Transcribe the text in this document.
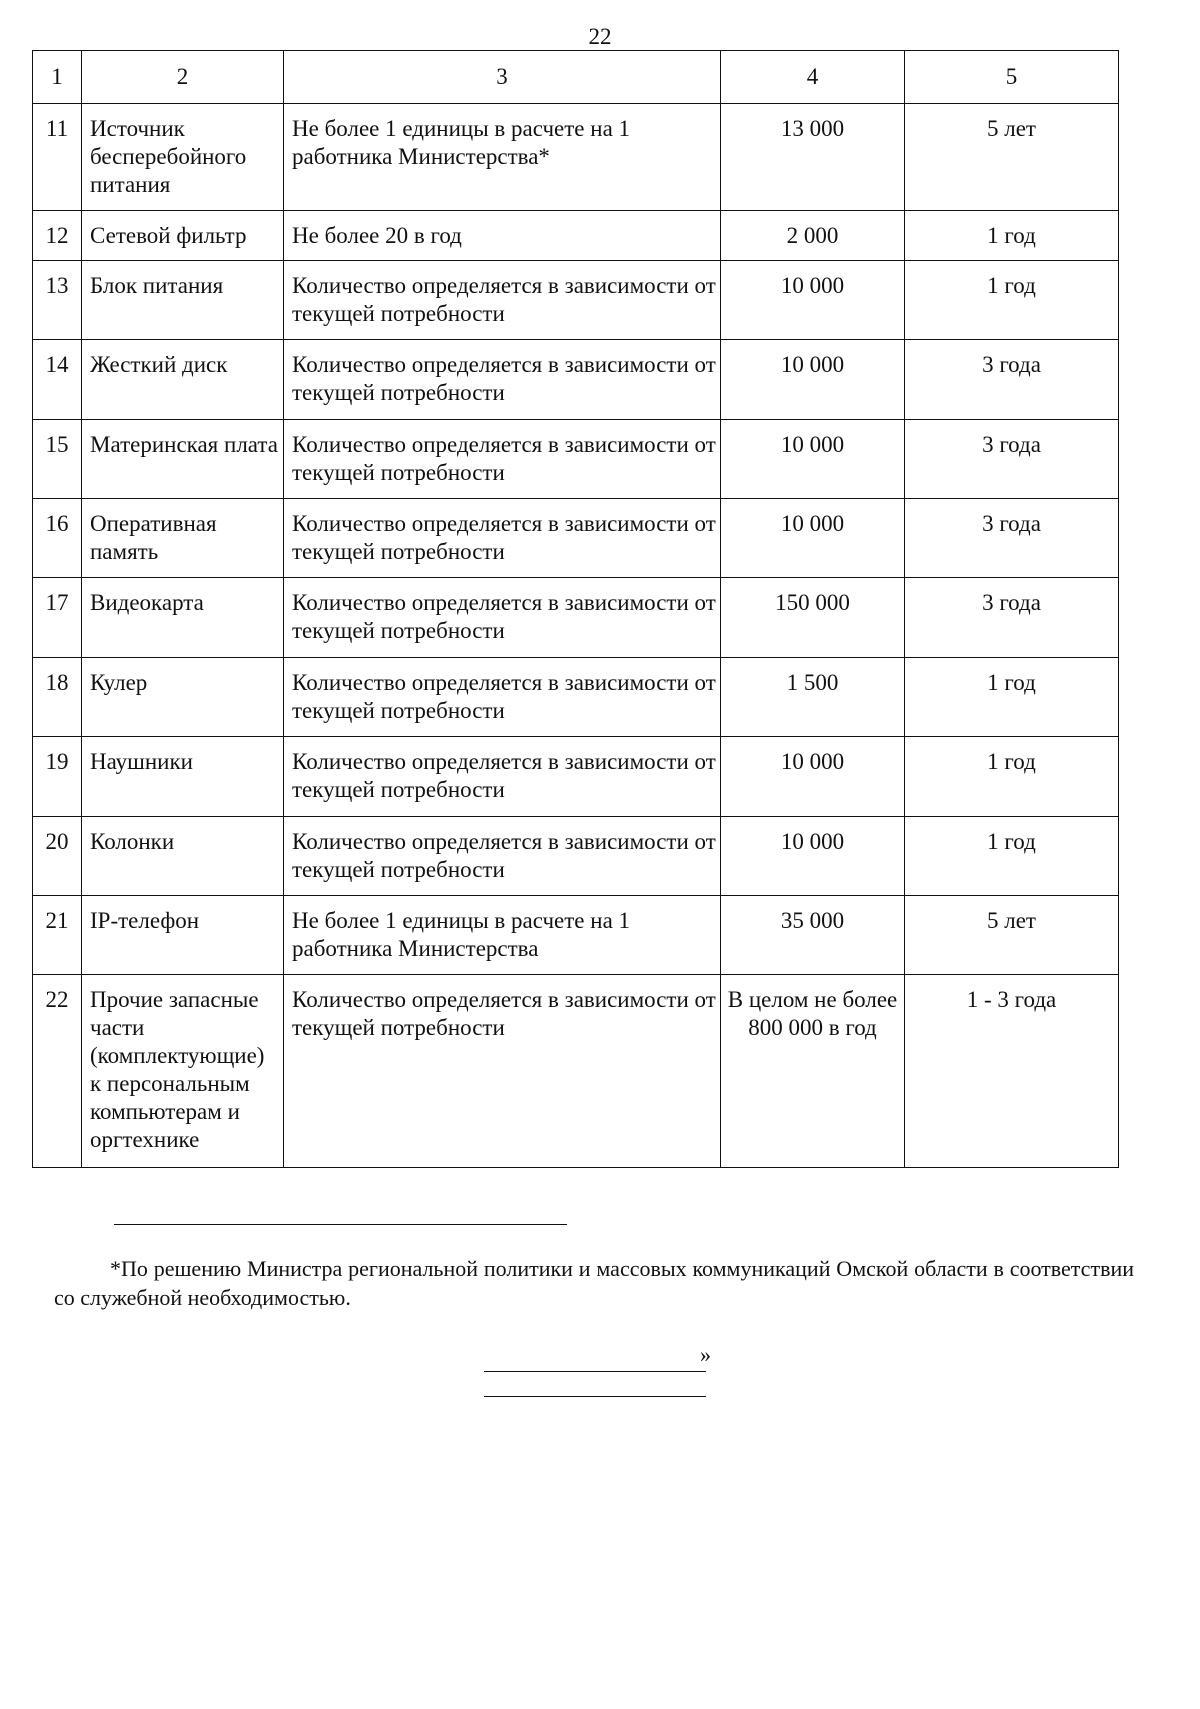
22
1	2	3	4	5
11	Источник бесперебойного питания	Не более 1 единицы в расчете на 1 работника Министерства*	13 000	5 лет
12	Сетевой фильтр	Не более 20 в год	2 000	1 год
13	Блок питания	Количество определяется в зависимости от текущей потребности	10 000	1 год
14	Жесткий диск	Количество определяется в зависимости от текущей потребности	10 000	3 года
15	Материнская плата	Количество определяется в зависимости от текущей потребности	10 000	3 года
16	Оперативная память	Количество определяется в зависимости от текущей потребности	10 000	3 года
17	Видеокарта	Количество определяется в зависимости от текущей потребности	150 000	3 года
18	Кулер	Количество определяется в зависимости от текущей потребности	1 500	1 год
19	Наушники	Количество определяется в зависимости от текущей потребности	10 000	1 год
20	Колонки	Количество определяется в зависимости от текущей потребности	10 000	1 год
21	IP-телефон	Не более 1 единицы в расчете на 1 работника Министерства	35 000	5 лет
22	Прочие запасные части (комплектующие) к персональным компьютерам и оргтехнике	Количество определяется в зависимости от текущей потребности	В целом не более 800 000 в год	1 - 3 года

*По решению Министра региональной политики и массовых коммуникаций Омской области в соответствии со служебной необходимостью.

»
